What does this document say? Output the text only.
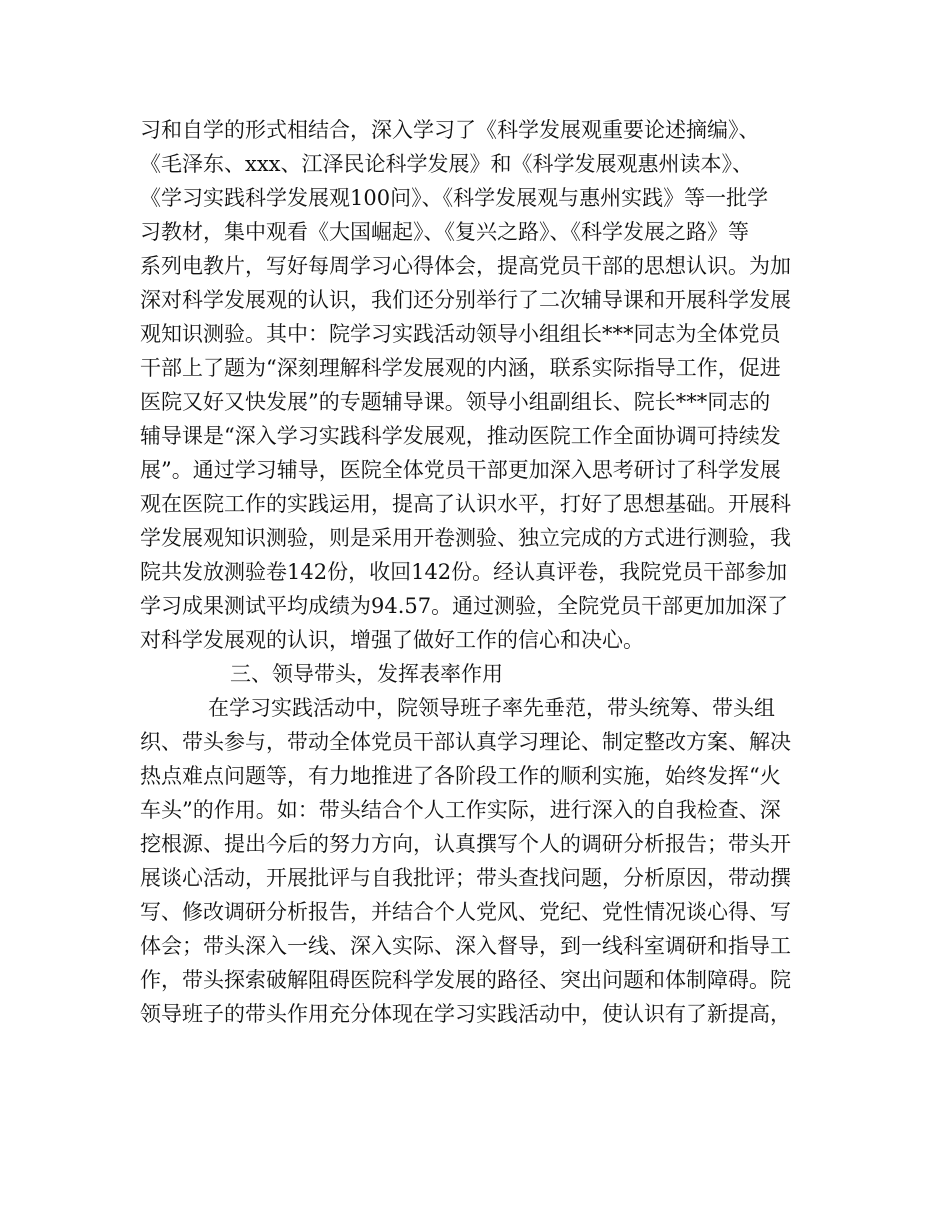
习和自学的形式相结合，深入学习了《科学发展观重要论述摘编》、
《毛泽东、xxx、江泽民论科学发展》和《科学发展观惠州读本》、
《学习实践科学发展观100问》、《科学发展观与惠州实践》等一批学
习教材，集中观看《大国崛起》、《复兴之路》、《科学发展之路》等
系列电教片，写好每周学习心得体会，提高党员干部的思想认识。为加
深对科学发展观的认识，我们还分别举行了二次辅导课和开展科学发展
观知识测验。其中：院学习实践活动领导小组组长***同志为全体党员
干部上了题为“深刻理解科学发展观的内涵，联系实际指导工作，促进
医院又好又快发展”的专题辅导课。领导小组副组长、院长***同志的
辅导课是“深入学习实践科学发展观，推动医院工作全面协调可持续发
展”。通过学习辅导，医院全体党员干部更加深入思考研讨了科学发展
观在医院工作的实践运用，提高了认识水平，打好了思想基础。开展科
学发展观知识测验，则是采用开卷测验、独立完成的方式进行测验，我
院共发放测验卷142份，收回142份。经认真评卷，我院党员干部参加
学习成果测试平均成绩为94.57。通过测验，全院党员干部更加加深了
对科学发展观的认识，增强了做好工作的信心和决心。
三、领导带头，发挥表率作用
在学习实践活动中，院领导班子率先垂范，带头统筹、带头组
织、带头参与，带动全体党员干部认真学习理论、制定整改方案、解决
热点难点问题等，有力地推进了各阶段工作的顺利实施，始终发挥“火
车头”的作用。如：带头结合个人工作实际，进行深入的自我检查、深
挖根源、提出今后的努力方向，认真撰写个人的调研分析报告；带头开
展谈心活动，开展批评与自我批评；带头查找问题，分析原因，带动撰
写、修改调研分析报告，并结合个人党风、党纪、党性情况谈心得、写
体会；带头深入一线、深入实际、深入督导，到一线科室调研和指导工
作，带头探索破解阻碍医院科学发展的路径、突出问题和体制障碍。院
领导班子的带头作用充分体现在学习实践活动中，使认识有了新提高，
